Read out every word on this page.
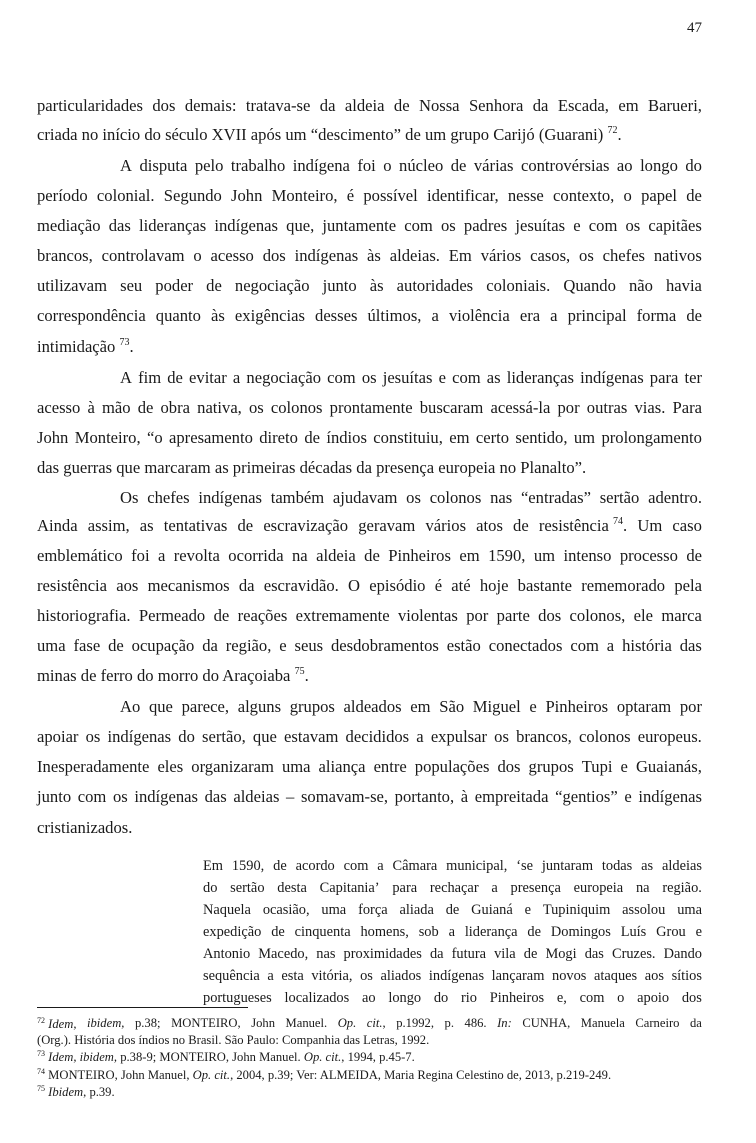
47
particularidades dos demais: tratava-se da aldeia de Nossa Senhora da Escada, em Barueri,
criada no início do século XVII após um “descimento” de um grupo Carijó (Guarani)
72 .
A disputa pelo trabalho indígena foi o núcleo de várias controvérsias ao longo do
período colonial. Segundo John Monteiro, é possível identificar, nesse contexto, o papel de
mediação das lideranças indígenas que, juntamente com os padres jesuítas e com os capitães
brancos, controlavam o acesso dos indígenas às aldeias. Em vários casos, os chefes nativos
utilizavam seu poder de negociação junto às autoridades coloniais. Quando não havia
correspondência quanto às exigências desses últimos, a violência era a principal forma de
intimidação
73 .
A fim de evitar a negociação com os jesuítas e com as lideranças indígenas para ter
acesso à mão de obra nativa, os colonos prontamente buscaram acessá-la por outras vias. Para
John Monteiro, “o apresamento direto de índios constituiu, em certo sentido, um prolongamento
das guerras que marcaram as primeiras décadas da presença europeia no Planalto”.
Os chefes indígenas também ajudavam os colonos nas “entradas” sertão adentro.
Ainda assim, as tentativas de escravização geravam vários atos de resistência $^{74}$. Um caso
emblemático foi a revolta ocorrida na aldeia de Pinheiros em 1590, um intenso processo de
resistência aos mecanismos da escravidão. O episódio é até hoje bastante rememorado pela
historiografia. Permeado de reações extremamente violentas por parte dos colonos, ele marca
uma fase de ocupação da região, e seus desdobramentos estão conectados com a história das
minas de ferro do morro do Araçoiaba
75 .
Ao que parece, alguns grupos aldeados em São Miguel e Pinheiros optaram por
apoiar os indígenas do sertão, que estavam decididos a expulsar os brancos, colonos europeus.
Inesperadamente eles organizaram uma aliança entre populações dos grupos Tupi e Guaianás,
junto com os indígenas das aldeias – somavam-se, portanto, à empreitada “gentios” e indígenas
cristianizados.
Em 1590, de acordo com a Câmara municipal, ‘se juntaram todas as aldeias
do sertão desta Capitania’ para rechaçar a presença europeia na região.
Naquela ocasião, uma força aliada de Guianá e Tupiniquim assolou uma
expedição de cinquenta homens, sob a liderança de Domingos Luís Grou e
Antonio Macedo, nas proximidades da futura vila de Mogi das Cruzes. Dando
sequência a esta vitória, os aliados indígenas lançaram novos ataques aos sítios
portugueses localizados ao longo do rio Pinheiros e, com o apoio dos
$^{72}$ Idem, ibidem, p.38; MONTEIRO, John Manuel. Op. cit., p.1992, p. 486. In: CUNHA, Manuela Carneiro da
(Org.). História dos índios no Brasil. São Paulo: Companhia das Letras, 1992.
$^{73}$ Idem, ibidem, p.38-9; MONTEIRO, John Manuel. Op. cit., 1994, p.45-7.
$^{74}$ MONTEIRO, John Manuel, Op. cit., 2004, p.39; Ver: ALMEIDA, Maria Regina Celestino de, 2013, p.219-249.
$^{75}$ Ibidem, p.39.
